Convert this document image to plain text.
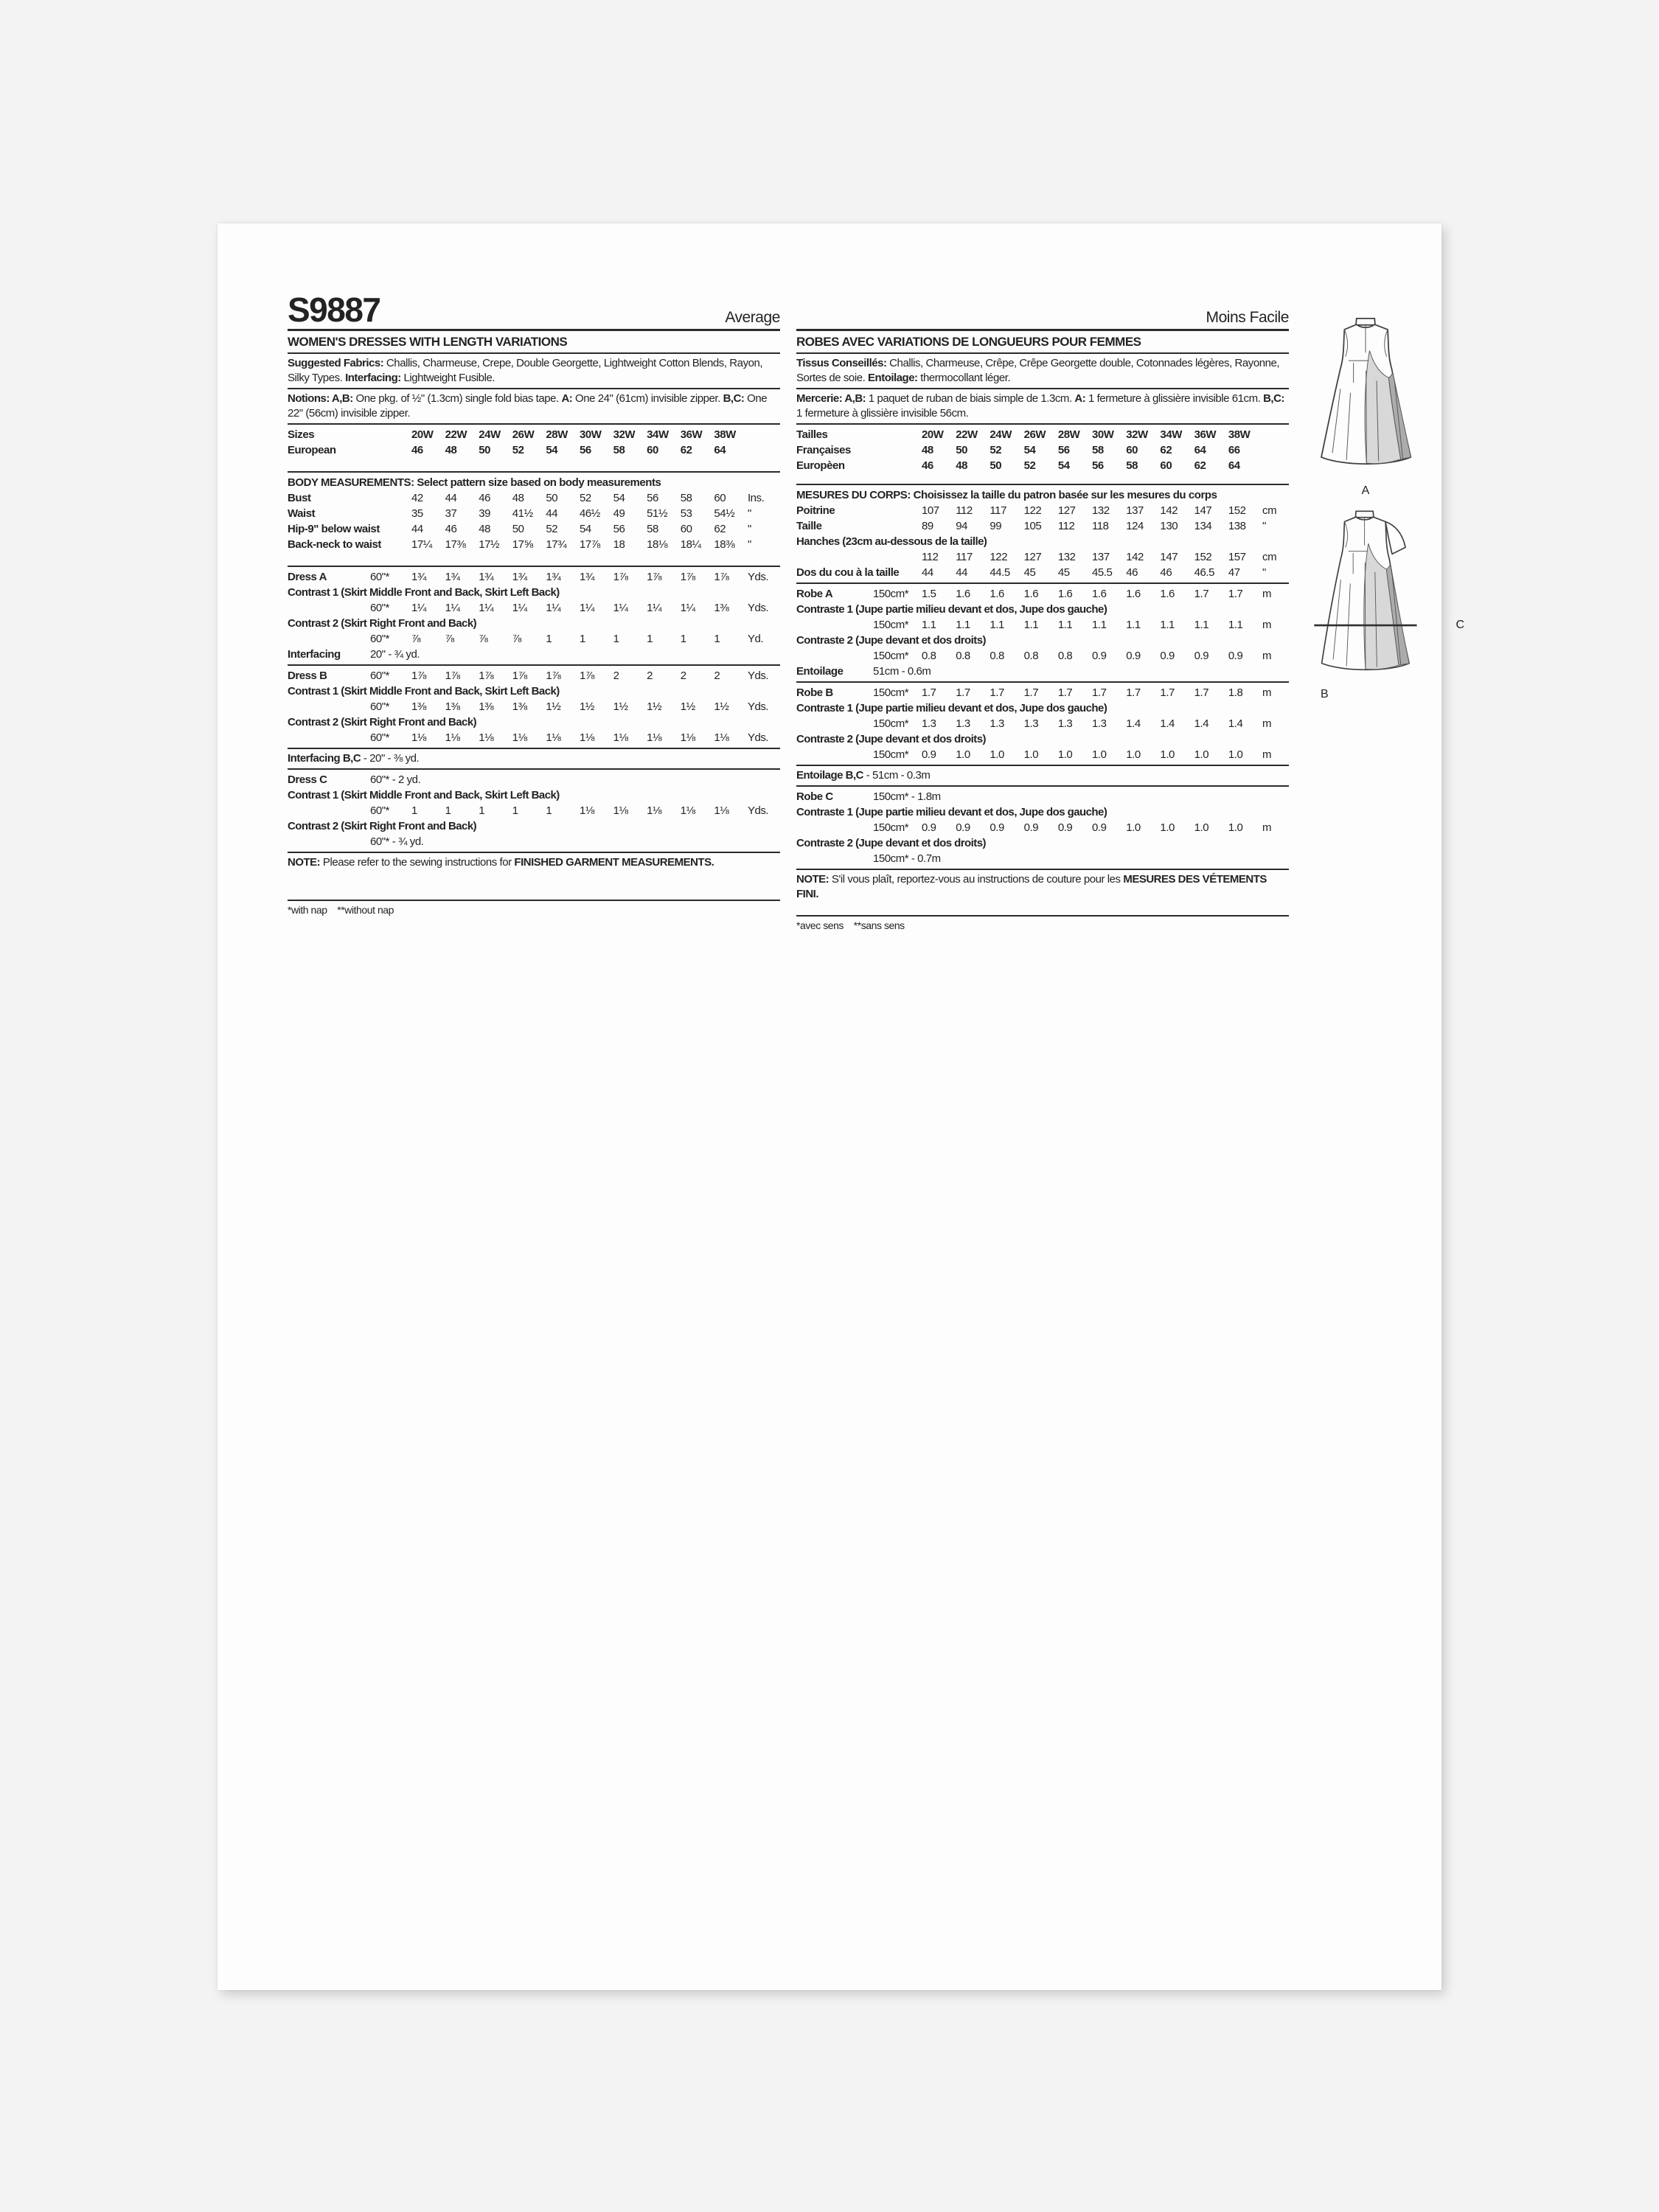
S9887	Average
WOMEN'S DRESSES WITH LENGTH VARIATIONS
Suggested Fabrics: Challis, Charmeuse, Crepe, Double Georgette, Lightweight Cotton Blends, Rayon, Silky Types. Interfacing: Lightweight Fusible.
Notions: A,B: One pkg. of ½" (1.3cm) single fold bias tape. A: One 24" (61cm) invisible zipper. B,C: One 22" (56cm) invisible zipper.
Sizes	20W	22W	24W	26W	28W	30W	32W	34W	36W	38W
European	46	48	50	52	54	56	58	60	62	64
BODY MEASUREMENTS: Select pattern size based on body measurements
Bust	42	44	46	48	50	52	54	56	58	60	Ins.
Waist	35	37	39	41½	44	46½	49	51½	53	54½	"
Hip-9" below waist	44	46	48	50	52	54	56	58	60	62	"
Back-neck to waist	17¼	17⅜	17½	17⅝	17¾	17⅞	18	18⅛	18¼	18⅜	"
Dress A	60"* 1¾	1¾	1¾	1¾	1¾	1¾	1⅞	1⅞	1⅞	1⅞	Yds.
Contrast 1 (Skirt Middle Front and Back, Skirt Left Back)
60"* 1¼	1¼	1¼	1¼	1¼	1¼	1¼	1¼	1¼	1⅜	Yds.
Contrast 2 (Skirt Right Front and Back)
60"* ⅞	⅞	⅞	⅞	1	1	1	1	1	1	Yd.
Interfacing	20" - ¾ yd.
Dress B	60"* 1⅞	1⅞	1⅞	1⅞	1⅞	1⅞	2	2	2	2	Yds.
Contrast 1 (Skirt Middle Front and Back, Skirt Left Back)
60"* 1⅜	1⅜	1⅜	1⅜	1½	1½	1½	1½	1½	1½	Yds.
Contrast 2 (Skirt Right Front and Back)
60"* 1⅛	1⅛	1⅛	1⅛	1⅛	1⅛	1⅛	1⅛	1⅛	1⅛	Yds.
Interfacing B,C - 20" - ⅜ yd.
Dress C	60"* - 2 yd.
Contrast 1 (Skirt Middle Front and Back, Skirt Left Back)
60"* 1	1	1	1	1	1⅛	1⅛	1⅛	1⅛	1⅛	Yds.
Contrast 2 (Skirt Right Front and Back)
60"* - ¾ yd.
NOTE: Please refer to the sewing instructions for FINISHED GARMENT MEASUREMENTS.
*with nap    **without nap
Moins Facile
ROBES AVEC VARIATIONS DE LONGUEURS POUR FEMMES
Tissus Conseillés: Challis, Charmeuse, Crêpe, Crêpe Georgette double, Cotonnades légères, Rayonne, Sortes de soie. Entoilage: thermocollant léger.
Mercerie: A,B: 1 paquet de ruban de biais simple de 1.3cm. A: 1 fermeture à glissière invisible 61cm. B,C: 1 fermeture à glissière invisible 56cm.
Tailles	20W	22W	24W	26W	28W	30W	32W	34W	36W	38W
Françaises	48	50	52	54	56	58	60	62	64	66
Europèen	46	48	50	52	54	56	58	60	62	64
MESURES DU CORPS: Choisissez la taille du patron basée sur les mesures du corps
Poitrine	107	112	117	122	127	132	137	142	147	152	cm
Taille	89	94	99	105	112	118	124	130	134	138	"
Hanches (23cm au-dessous de la taille)
112	117	122	127	132	137	142	147	152	157	cm
Dos du cou à la taille	44	44	44.5	45	45	45.5	46	46	46.5	47	"
Robe A	150cm* 1.5	1.6	1.6	1.6	1.6	1.6	1.6	1.6	1.7	1.7	m
Contraste 1 (Jupe partie milieu devant et dos, Jupe dos gauche)
150cm* 1.1	1.1	1.1	1.1	1.1	1.1	1.1	1.1	1.1	1.1	m
Contraste 2 (Jupe devant et dos droits)
150cm* 0.8	0.8	0.8	0.8	0.8	0.9	0.9	0.9	0.9	0.9	m
Entoilage	51cm - 0.6m
Robe B	150cm* 1.7	1.7	1.7	1.7	1.7	1.7	1.7	1.7	1.7	1.8	m
Contraste 1 (Jupe partie milieu devant et dos, Jupe dos gauche)
150cm* 1.3	1.3	1.3	1.3	1.3	1.3	1.4	1.4	1.4	1.4	m
Contraste 2 (Jupe devant et dos droits)
150cm* 0.9	1.0	1.0	1.0	1.0	1.0	1.0	1.0	1.0	1.0	m
Entoilage B,C - 51cm - 0.3m
Robe C	150cm* - 1.8m
Contraste 1 (Jupe partie milieu devant et dos, Jupe dos gauche)
150cm* 0.9	0.9	0.9	0.9	0.9	0.9	1.0	1.0	1.0	1.0	m
Contraste 2 (Jupe devant et dos droits)
150cm* - 0.7m
NOTE: S'il vous plaît, reportez-vous au instructions de couture pour les MESURES DES VÉTEMENTS FINI.
*avec sens    **sans sens
A
C
B
